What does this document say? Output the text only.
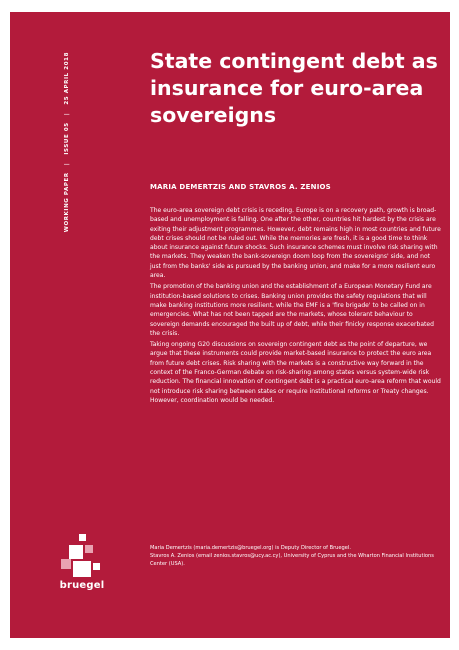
WORKING PAPER | ISSUE 05 | 25 APRIL 2018	State contingent debt as insurance for euro-area sovereigns
MARIA DEMERTZIS AND STAVROS A. ZENIOS

The euro-area sovereign debt crisis is receding. Europe is on a recovery path, growth is broad-based and unemployment is falling. One after the other, countries hit hardest by the crisis are exiting their adjustment programmes. However, debt remains high in most countries and future debt crises should not be ruled out. While the memories are fresh, it is a good time to think about insurance against future shocks. Such insurance schemes must involve risk sharing with the markets. They weaken the bank-sovereign doom loop from the sovereigns' side, and not just from the banks' side as pursued by the banking union, and make for a more resilient euro area.

The promotion of the banking union and the establishment of a European Monetary Fund are institution-based solutions to crises. Banking union provides the safety regulations that will make banking institutions more resilient, while the EMF is a 'fire brigade' to be called on in emergencies. What has not been tapped are the markets, whose tolerant behaviour to sovereign demands encouraged the built up of debt, while their finicky response exacerbated the crisis.

Taking ongoing G20 discussions on sovereign contingent debt as the point of departure, we argue that these instruments could provide market-based insurance to protect the euro area from future debt crises. Risk sharing with the markets is a constructive way forward in the context of the Franco-German debate on risk-sharing among states versus system-wide risk reduction. The financial innovation of contingent debt is a practical euro-area reform that would not introduce risk sharing between states or require institutional reforms or Treaty changes. However, coordination would be needed.

Maria Demertzis (maria.demertzis@bruegel.org) is Deputy Director of Bruegel.

Stavros A. Zenios (email zenios.stavros@ucy.ac.cy), University of Cyprus and the Wharton Financial Institutions Center (USA).

bruegel
